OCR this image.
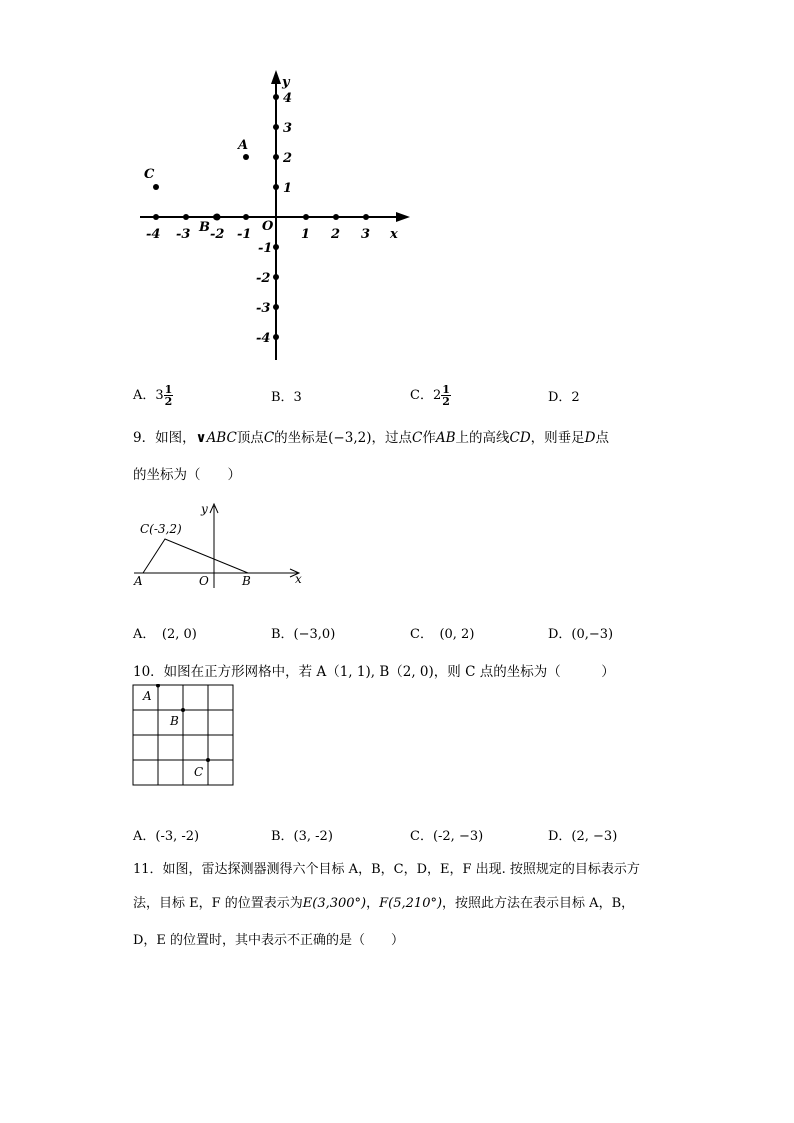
y
x
O
-4 -3 -2 -1	1 2 3
4
3
2
1
-1
-2
-3
-4
A
B
C
A．$3 \frac{1}{2}$	B．3	C．$2 \frac{1}{2}$	D．2
9．如图，∨ABC顶点C的坐标是(−3,2)，过点C作AB上的高线CD，则垂足D点
的坐标为（　　）
C(-3,2)
A	O	B	x
y
A．　(2, 0)	B．(−3,0)	C．　(0, 2)	D．(0,−3)
10．如图在正方形网格中，若 A（1, 1), B（2, 0)，则 C 点的坐标为（　　　）
A
B
C
A．(-3, -2)	B．(3, -2)	C．(-2, −3)	D．(2, −3)
11．如图，雷达探测器测得六个目标 A，B，C，D，E，F 出现. 按照规定的目标表示方
法，目标 E，F 的位置表示为E(3,300°)，F(5,210°)，按照此方法在表示目标 A，B，
D，E 的位置时，其中表示不正确的是（　　）
